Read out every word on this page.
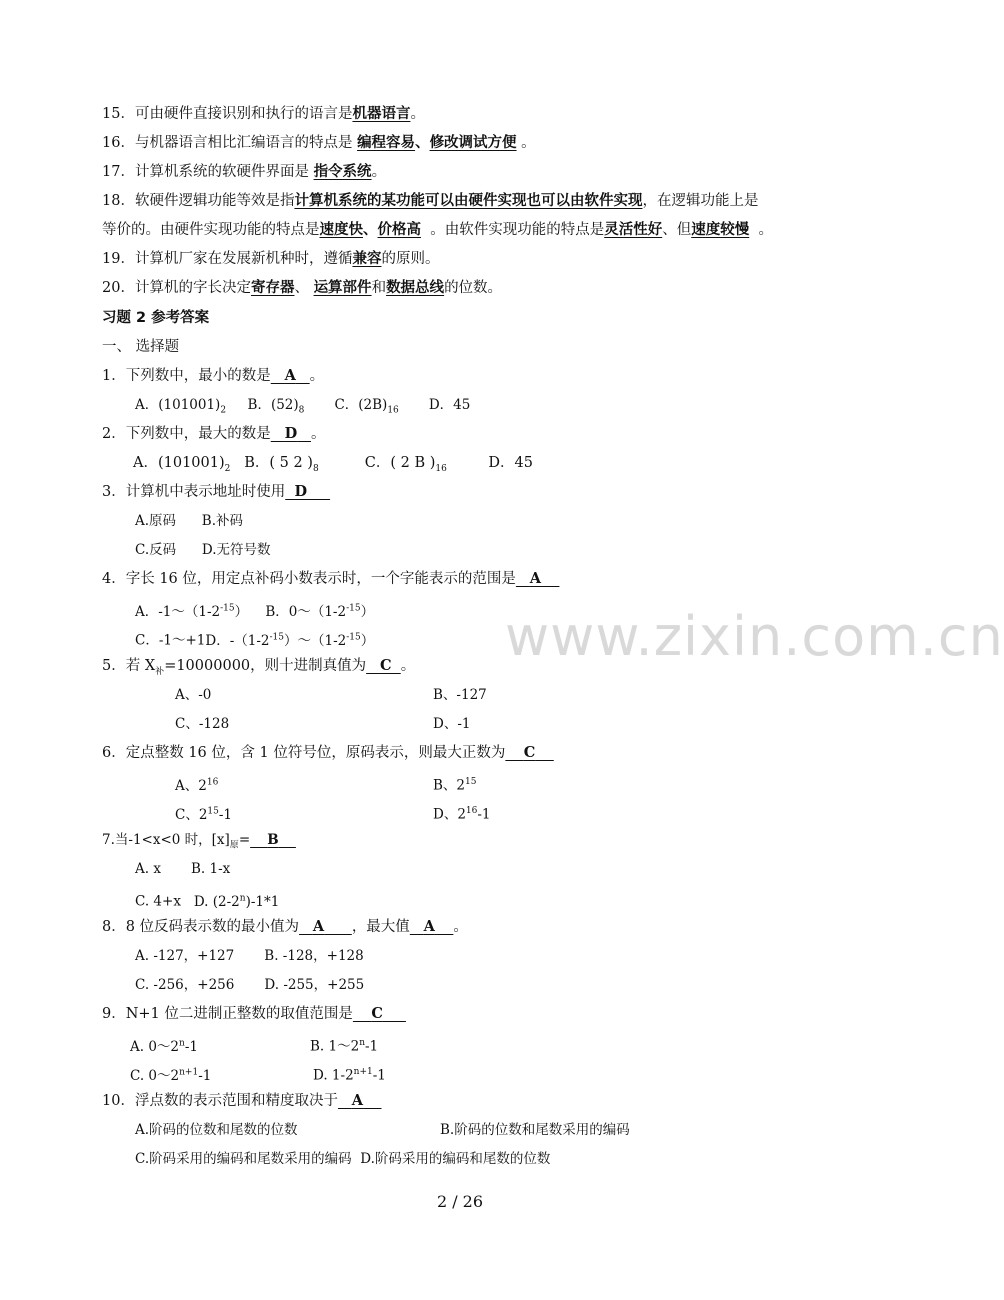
15．可由硬件直接识别和执行的语言是机器语言。
16．与机器语言相比汇编语言的特点是 编程容易、修改调试方便 。
17．计算机系统的软硬件界面是 指令系统。
18．软硬件逻辑功能等效是指计算机系统的某功能可以由硬件实现也可以由软件实现，在逻辑功能上是
等价的。由硬件实现功能的特点是速度快、价格高 。由软件实现功能的特点是灵活性好、但速度较慢 。
19．计算机厂家在发展新机种时，遵循兼容的原则。
20．计算机的字长决定寄存器、 运算部件和数据总线的位数。
习题 2 参考答案
一、 选择题
1．下列数中，最小的数是 A 。
A．$(101001)_2$ B．$(52)_8$ C．$(2B)_{16}$ D．45
2．下列数中，最大的数是 D 。
A．$(101001)_2$ B．( 5 2 )$_8$	C．( 2 B )$_{16}$	D．45
3．计算机中表示地址时使用 D
A.原码 B.补码
C.反码 D.无符号数
4．字长 16 位，用定点补码小数表示时，一个字能表示的范围是 A
A．$-1\sim(1-2^{-15})$ B．$0\sim(1-2^{-15})$
C．-1～+1D．$-(1-2^{-15})\sim(1-2^{-15})$
5．若 $X_补=10000000$，则十进制真值为 C 。
A、-0	B、-127
C、-128	D、-1
6．定点整数 16 位，含 1 位符号位，原码表示，则最大正数为 C
A、$2^{16}$	B、$2^{15}$
C、$2^{15}-1$	D、$2^{16}-1$
7.当-1<x<0 时，$[x]_原= B$
A. x B. 1-x
C. 4+x D. (2-2$^n$)-1*1
8．8 位反码表示数的最小值为 A ，最大值 A 。
A. -127，+127 B. -128，+128
C. -256，+256 D. -255，+255
9．N+1 位二进制正整数的取值范围是 C
A. 0～2$^n$-1	B. 1～2$^n$-1
C. $0\sim 2^{n+1}-1$	D. $1-2^{n+1}-1$
10．浮点数的表示范围和精度取决于 A
A.阶码的位数和尾数的位数	B.阶码的位数和尾数采用的编码
C.阶码采用的编码和尾数采用的编码 D.阶码采用的编码和尾数的位数
www.zixin.com.cn
2 / 26
